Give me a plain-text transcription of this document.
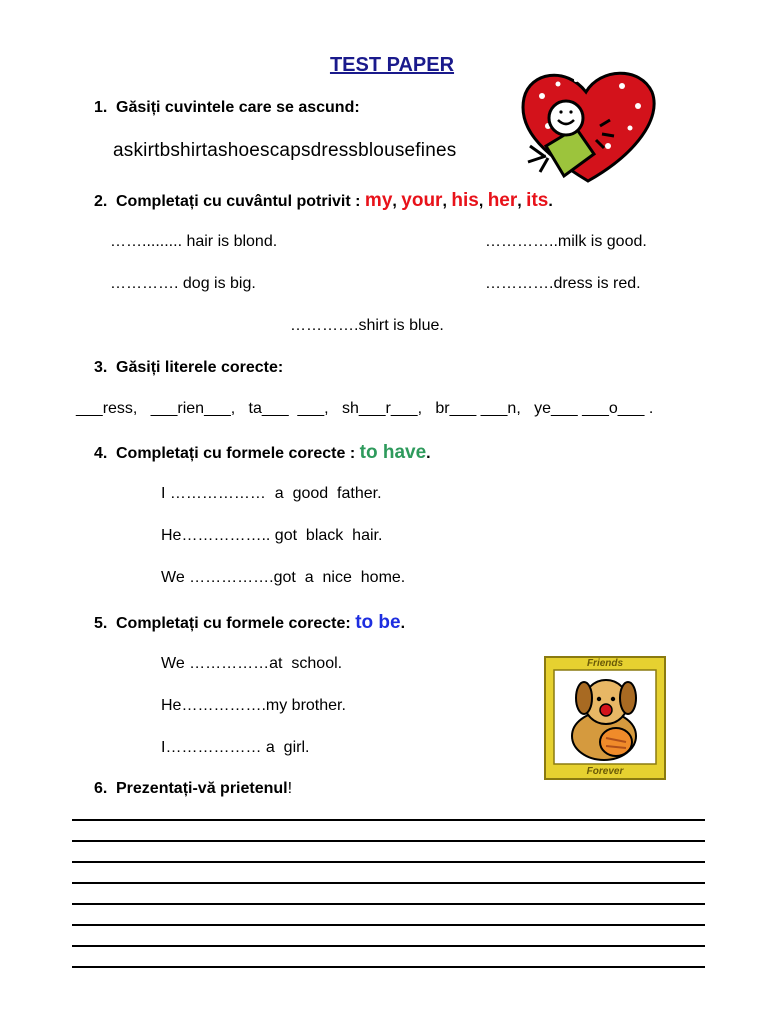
TEST PAPER
1. Găsiți cuvintele care se ascund:
askirtbshirtashoescapsdressblousefines
2. Completați cu cuvântul potrivit : my, your, his, her, its.
……......... hair is blond.	…………..milk is good.
…………. dog is big.	………….dress is red.
………….shirt is blue.
3. Găsiți literele corecte:
___ress,   ___rien___,   ta___  ___,   sh___r___,   br___ ___n,   ye___ ___o___ .
4. Completați cu formele corecte : to have.
I ………………  a  good  father.
He…………….. got  black  hair.
We …………….got  a  nice  home.
5. Completați cu formele corecte: to be.
We ……………at  school.
He…………….my brother.
I……………… a  girl.
Friends
Forever
6. Prezentați-vă prietenul!
